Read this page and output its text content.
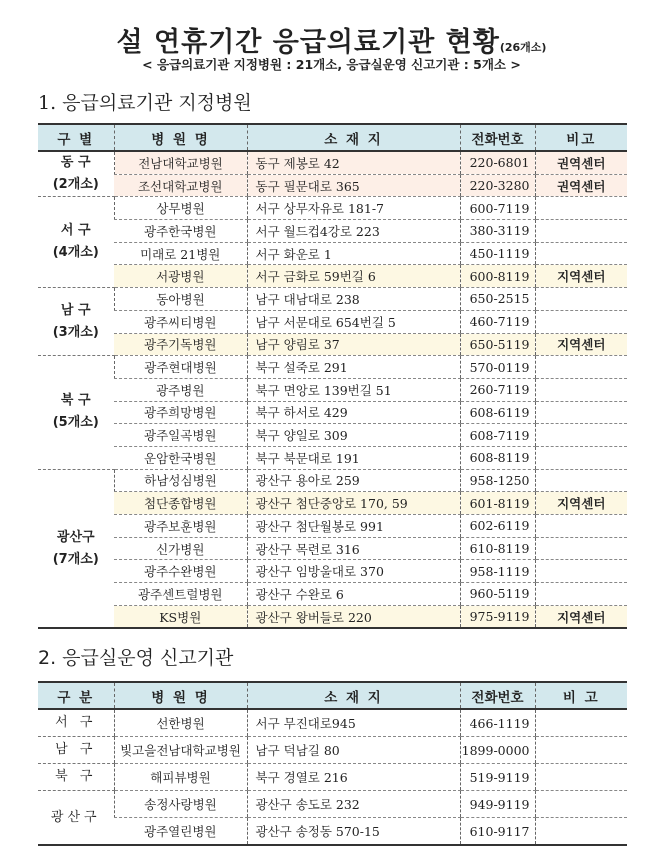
설 연휴기간 응급의료기관 현황(26개소)
< 응급의료기관 지정병원 : 21개소, 응급실운영 신고기관 : 5개소 >
1. 응급의료기관 지정병원
구 별	병 원 명	소 재 지	전화번호	비고
동 구
(2개소)	전남대학교병원	동구 제봉로 42	220-6801	권역센터
	조선대학교병원	동구 필문대로 365	220-3280	권역센터
서 구
(4개소)	상무병원	서구 상무자유로 181-7	600-7119	
	광주한국병원	서구 월드컵4강로 223	380-3119	
	미래로 21병원	서구 화운로 1	450-1119	
	서광병원	서구 금화로 59번길 6	600-8119	지역센터
남 구
(3개소)	동아병원	남구 대남대로 238	650-2515	
	광주씨티병원	남구 서문대로 654번길 5	460-7119	
	광주기독병원	남구 양림로 37	650-5119	지역센터
북 구
(5개소)	광주현대병원	북구 설죽로 291	570-0119	
	광주병원	북구 면앙로 139번길 51	260-7119	
	광주희망병원	북구 하서로 429	608-6119	
	광주일곡병원	북구 양일로 309	608-7119	
	운암한국병원	북구 북문대로 191	608-8119	
광산구
(7개소)	하남성심병원	광산구 용아로 259	958-1250	
	첨단종합병원	광산구 첨단중앙로 170, 59	601-8119	지역센터
	광주보훈병원	광산구 첨단월봉로 991	602-6119	
	신가병원	광산구 목련로 316	610-8119	
	광주수완병원	광산구 임방울대로 370	958-1119	
	광주센트럴병원	광산구 수완로 6	960-5119	
	KS병원	광산구 왕버들로 220	975-9119	지역센터
2. 응급실운영 신고기관
구 분	병 원 명	소 재 지	전화번호	비 고
서 구	선한병원	서구 무진대로945	466-1119	
남 구	빛고을전남대학교병원	남구 덕남길 80	1899-0000	
북 구	해피뷰병원	북구 경열로 216	519-9119	
광산구	송정사랑병원	광산구 송도로 232	949-9119	
	광주열린병원	광산구 송정동 570-15	610-9117	
